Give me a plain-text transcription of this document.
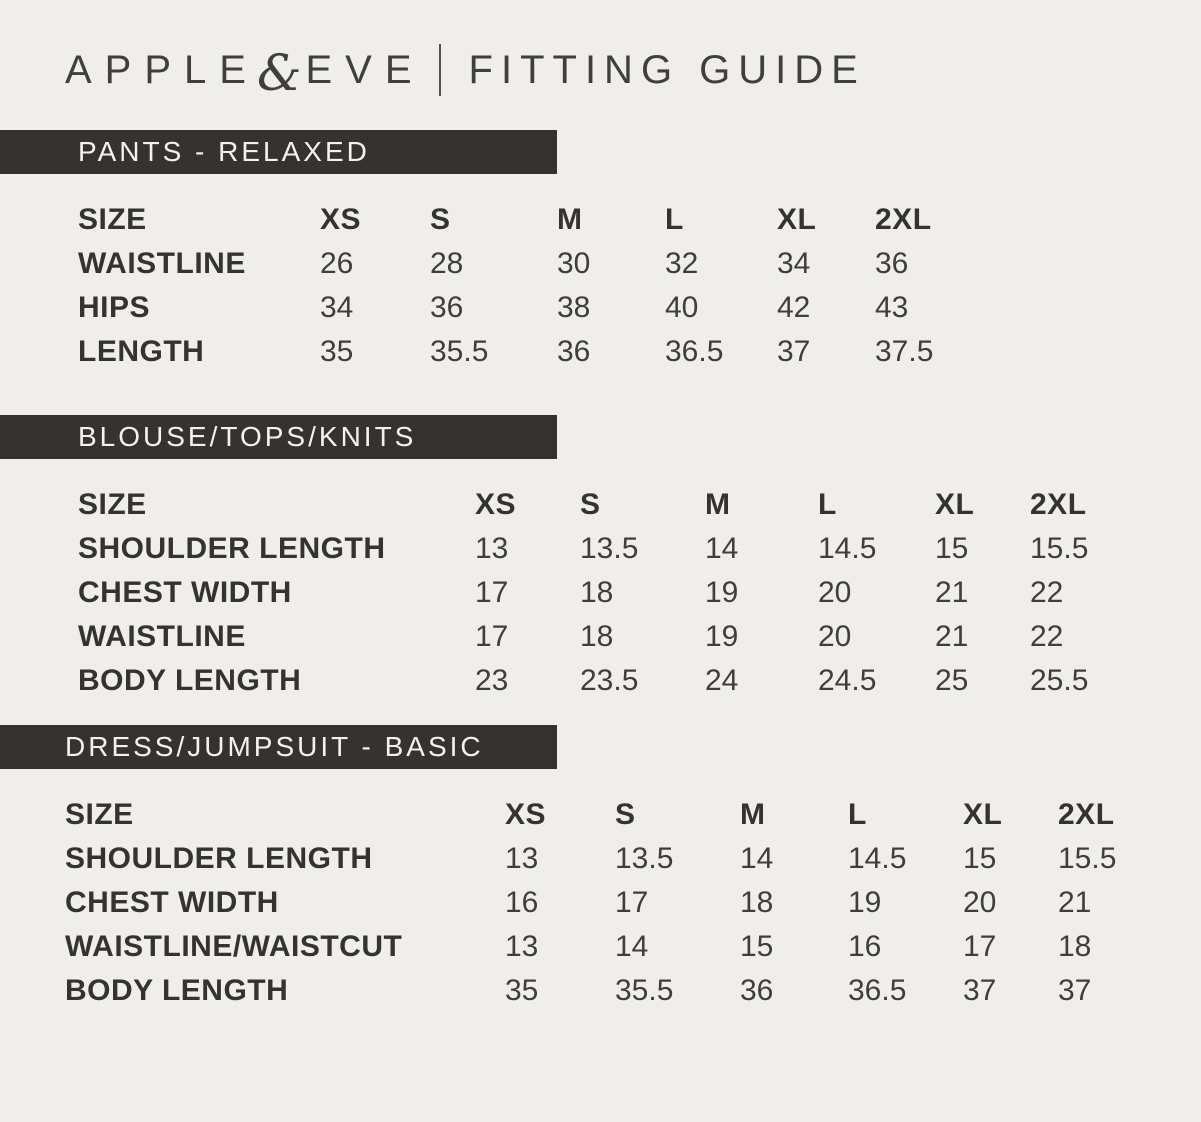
APPLE
& EVE FITTING GUIDE
PANTS - RELAXED
SIZE	XS	S	M	L	XL	2XL
WAISTLINE	26	28	30	32	34	36
HIPS	34	36	38	40	42	43
LENGTH	35	35.5	36	36.5	37	37.5
BLOUSE/TOPS/KNITS
SIZE	XS	S	M	L	XL	2XL
SHOULDER LENGTH	13	13.5	14	14.5	15	15.5
CHEST WIDTH	17	18	19	20	21	22
WAISTLINE	17	18	19	20	21	22
BODY LENGTH	23	23.5	24	24.5	25	25.5
DRESS/JUMPSUIT - BASIC
SIZE	XS	S	M	L	XL	2XL
SHOULDER LENGTH	13	13.5	14	14.5	15	15.5
CHEST WIDTH	16	17	18	19	20	21
WAISTLINE/WAISTCUT	13	14	15	16	17	18
BODY LENGTH	35	35.5	36	36.5	37	37
